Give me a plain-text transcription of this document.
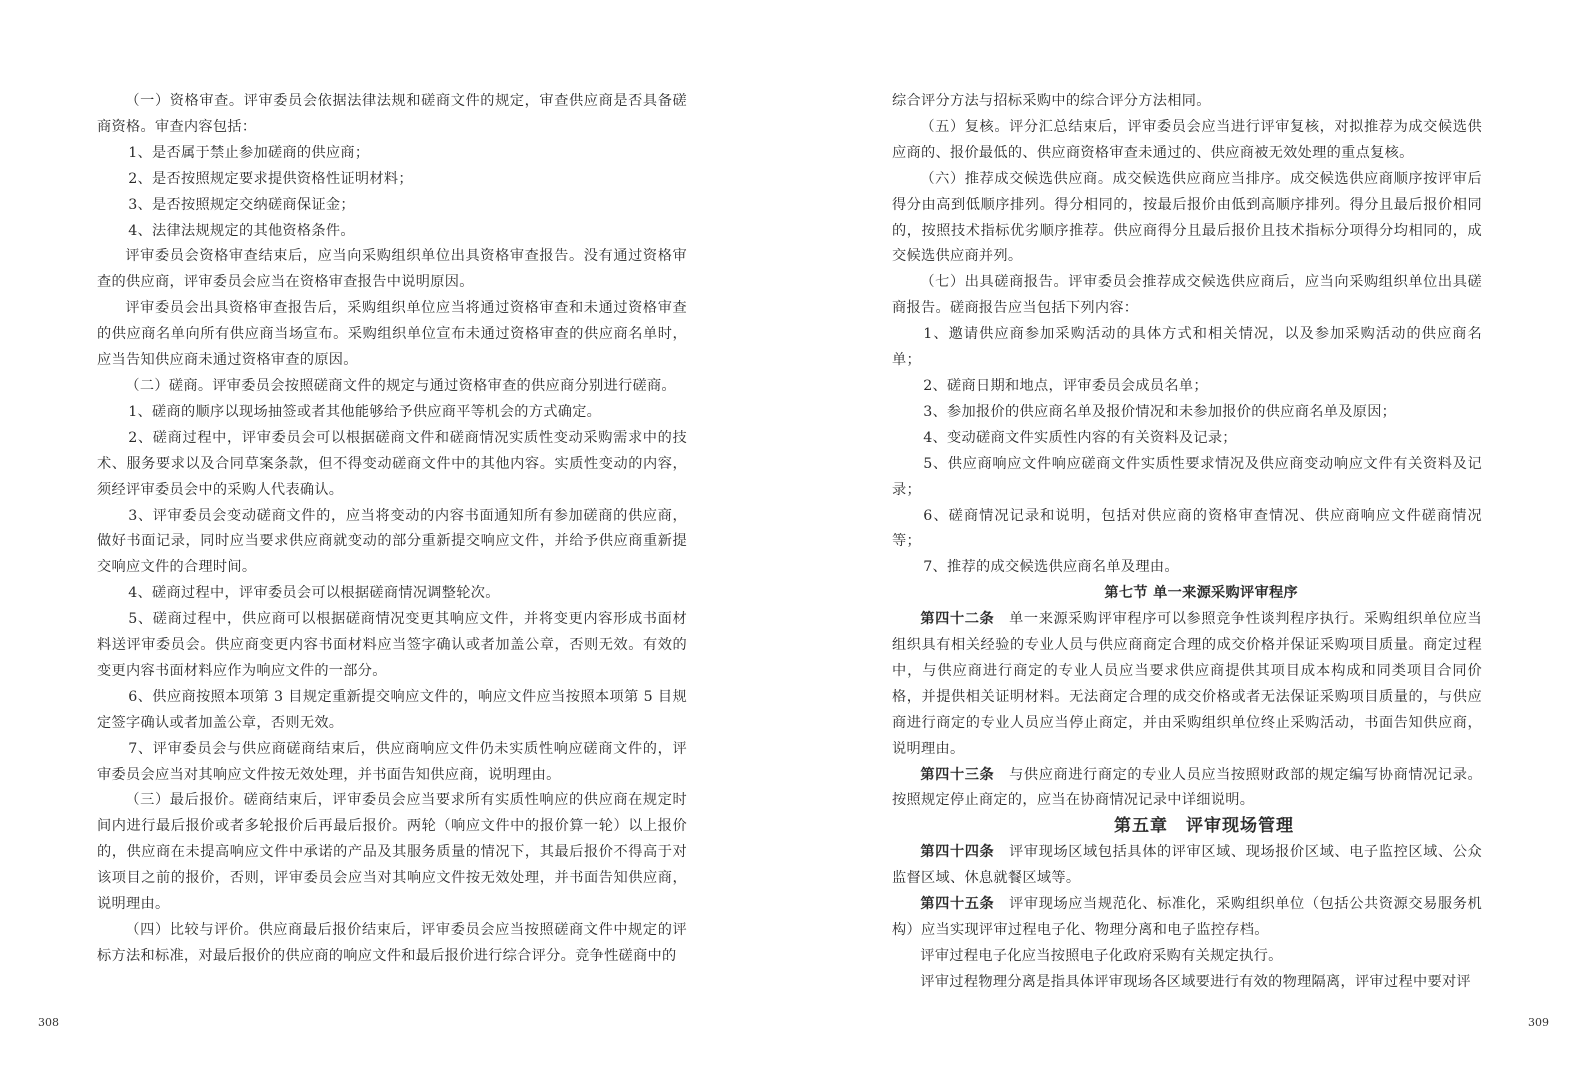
（一）资格审查。评审委员会依据法律法规和磋商文件的规定，审查供应商是否具备磋商资格。审查内容包括：

1、是否属于禁止参加磋商的供应商；

2、是否按照规定要求提供资格性证明材料；

3、是否按照规定交纳磋商保证金；

4、法律法规规定的其他资格条件。

评审委员会资格审查结束后，应当向采购组织单位出具资格审查报告。没有通过资格审查的供应商，评审委员会应当在资格审查报告中说明原因。

评审委员会出具资格审查报告后，采购组织单位应当将通过资格审查和未通过资格审查的供应商名单向所有供应商当场宣布。采购组织单位宣布未通过资格审查的供应商名单时，应当告知供应商未通过资格审查的原因。

（二）磋商。评审委员会按照磋商文件的规定与通过资格审查的供应商分别进行磋商。

1、磋商的顺序以现场抽签或者其他能够给予供应商平等机会的方式确定。

2、磋商过程中，评审委员会可以根据磋商文件和磋商情况实质性变动采购需求中的技术、服务要求以及合同草案条款，但不得变动磋商文件中的其他内容。实质性变动的内容，须经评审委员会中的采购人代表确认。

3、评审委员会变动磋商文件的，应当将变动的内容书面通知所有参加磋商的供应商，做好书面记录，同时应当要求供应商就变动的部分重新提交响应文件，并给予供应商重新提交响应文件的合理时间。

4、磋商过程中，评审委员会可以根据磋商情况调整轮次。

5、磋商过程中，供应商可以根据磋商情况变更其响应文件，并将变更内容形成书面材料送评审委员会。供应商变更内容书面材料应当签字确认或者加盖公章，否则无效。有效的变更内容书面材料应作为响应文件的一部分。

6、供应商按照本项第 3 目规定重新提交响应文件的，响应文件应当按照本项第 5 目规定签字确认或者加盖公章，否则无效。

7、评审委员会与供应商磋商结束后，供应商响应文件仍未实质性响应磋商文件的，评审委员会应当对其响应文件按无效处理，并书面告知供应商，说明理由。

（三）最后报价。磋商结束后，评审委员会应当要求所有实质性响应的供应商在规定时间内进行最后报价或者多轮报价后再最后报价。两轮（响应文件中的报价算一轮）以上报价的，供应商在未提高响应文件中承诺的产品及其服务质量的情况下，其最后报价不得高于对该项目之前的报价，否则，评审委员会应当对其响应文件按无效处理，并书面告知供应商，说明理由。

（四）比较与评价。供应商最后报价结束后，评审委员会应当按照磋商文件中规定的评标方法和标准，对最后报价的供应商的响应文件和最后报价进行综合评分。竞争性磋商中的

308

综合评分方法与招标采购中的综合评分方法相同。

（五）复核。评分汇总结束后，评审委员会应当进行评审复核，对拟推荐为成交候选供应商的、报价最低的、供应商资格审查未通过的、供应商被无效处理的重点复核。

（六）推荐成交候选供应商。成交候选供应商应当排序。成交候选供应商顺序按评审后得分由高到低顺序排列。得分相同的，按最后报价由低到高顺序排列。得分且最后报价相同的，按照技术指标优劣顺序推荐。供应商得分且最后报价且技术指标分项得分均相同的，成交候选供应商并列。

（七）出具磋商报告。评审委员会推荐成交候选供应商后，应当向采购组织单位出具磋商报告。磋商报告应当包括下列内容：

1、邀请供应商参加采购活动的具体方式和相关情况，以及参加采购活动的供应商名单；

2、磋商日期和地点，评审委员会成员名单；

3、参加报价的供应商名单及报价情况和未参加报价的供应商名单及原因；

4、变动磋商文件实质性内容的有关资料及记录；

5、供应商响应文件响应磋商文件实质性要求情况及供应商变动响应文件有关资料及记录；

6、磋商情况记录和说明，包括对供应商的资格审查情况、供应商响应文件磋商情况等；

7、推荐的成交候选供应商名单及理由。

第七节 单一来源采购评审程序

第四十二条　 单一来源采购评审程序可以参照竞争性谈判程序执行。采购组织单位应当组织具有相关经验的专业人员与供应商商定合理的成交价格并保证采购项目质量。商定过程中，与供应商进行商定的专业人员应当要求供应商提供其项目成本构成和同类项目合同价格，并提供相关证明材料。无法商定合理的成交价格或者无法保证采购项目质量的，与供应商进行商定的专业人员应当停止商定，并由采购组织单位终止采购活动，书面告知供应商，说明理由。

第四十三条　 与供应商进行商定的专业人员应当按照财政部的规定编写协商情况记录。按照规定停止商定的，应当在协商情况记录中详细说明。

第五章　评审现场管理

第四十四条　 评审现场区域包括具体的评审区域、现场报价区域、电子监控区域、公众监督区域、休息就餐区域等。

第四十五条　 评审现场应当规范化、标准化，采购组织单位（包括公共资源交易服务机构）应当实现评审过程电子化、物理分离和电子监控存档。

评审过程电子化应当按照电子化政府采购有关规定执行。

评审过程物理分离是指具体评审现场各区域要进行有效的物理隔离，评审过程中要对评

309
